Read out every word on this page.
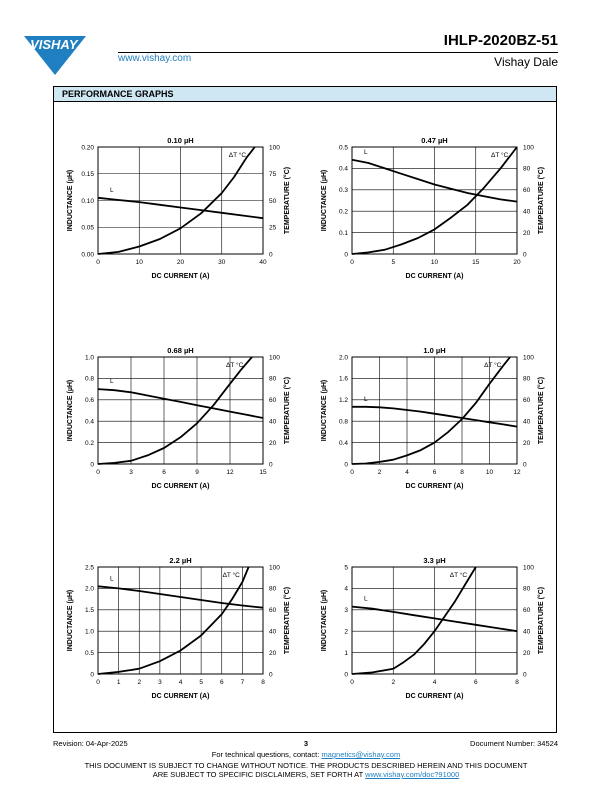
VISHAY.
www.vishay.com
IHLP-2020BZ-51
Vishay Dale
PERFORMANCE GRAPHS
0.10 µH
0	10	20	30	40
0.00
0.05
0.10
0.15
0.20
0
25
50
75
100
DC CURRENT (A)
INDUCTANCE (µH)	TEMPERATURE (°C)
L
ΔT °C
0.47 µH
0	5	10	15	20
0
0.1
0.2
0.3
0.4
0.5
0
20
40
60
80
100
DC CURRENT (A)
INDUCTANCE (µH)	TEMPERATURE (°C)
L	ΔT °C
0.68 µH
0	3	6	9	12	15
0
0.2
0.4
0.6
0.8
1.0
0
20
40
60
80
100
DC CURRENT (A)
INDUCTANCE (µH)	TEMPERATURE (°C)
L
ΔT °C
1.0 µH
0	2	4	6	8	10	12
0
0.4
0.8
1.2
1.6
2.0
0
20
40
60
80
100
DC CURRENT (A)
INDUCTANCE (µH)	TEMPERATURE (°C)
L
ΔT °C
2.2 µH
0	1	2	3	4	5	6	7	8
0
0.5
1.0
1.5
2.0
2.5
0
20
40
60
80
100
DC CURRENT (A)
INDUCTANCE (µH)	TEMPERATURE (°C)
L	ΔT °C
3.3 µH
0	2	4	6	8
0
1
2
3
4
5
0
20
40
60
80
100
DC CURRENT (A)
INDUCTANCE (µH)	TEMPERATURE (°C)
L
ΔT °C
Revision: 04-Apr-2025	3	Document Number: 34524
For technical questions, contact: magnetics@vishay.com
THIS DOCUMENT IS SUBJECT TO CHANGE WITHOUT NOTICE. THE PRODUCTS DESCRIBED HEREIN AND THIS DOCUMENT
ARE SUBJECT TO SPECIFIC DISCLAIMERS, SET FORTH AT www.vishay.com/doc?91000
